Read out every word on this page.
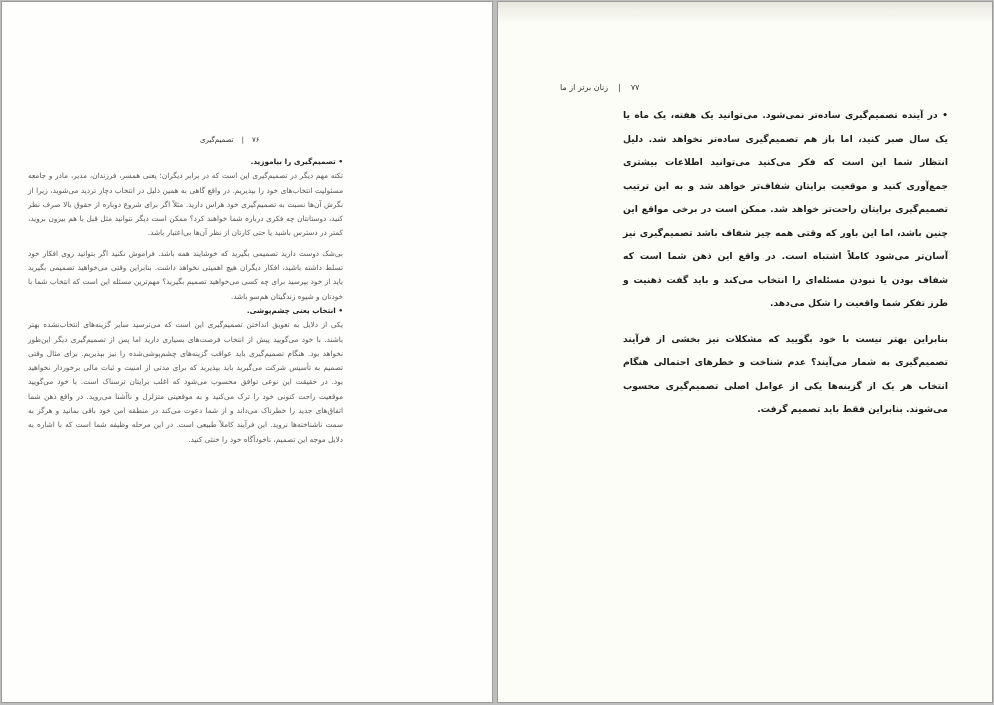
۷۶
|
تصمیم‌گیری
• تصمیم‌گیری را بیاموزید.
تکته مهم دیگر در تصمیم‌گیری این است که در برابر دیگران؛ یعنی همسر، فرزندان، مدیر، مادر و جامعه مسئولیت انتخاب‌های خود را بپذیریم. در واقع گاهی به همین دلیل در انتخاب دچار تردید می‌شوید، زیرا از نگرش آن‌ها نسبت به تصمیم‌گیری خود هراس دارید. مثلاً اگر برای شروع دوباره از حقوق بالا صرف نظر کنید، دوستانتان چه فکری درباره شما خواهند کرد؟ ممکن است دیگر نتوانید مثل قبل با هم بیرون بروید، کمتر در دسترس باشید یا حتی کارتان از نظر آن‌ها بی‌اعتبار باشد.
بی‌شک دوست دارید تصمیمی بگیرید که خوشایند همه باشد. فراموش نکنید اگر بتوانید روی افکار خود تسلط داشته باشید، افکار دیگران هیچ اهمیتی نخواهد داشت. بنابراین وقتی می‌خواهید تصمیمی بگیرید باید از خود بپرسید برای چه کسی می‌خواهید تصمیم بگیرید؟ مهم‌ترین مسئله این است که انتخاب شما با خودتان و شیوه زندگیتان هم‌سو باشد.
• انتخاب یعنی چشم‌پوشی.
یکی از دلایل به تعویق انداختن تصمیم‌گیری این است که می‌ترسید سایر گزینه‌های انتخاب‌نشده بهتر باشند. با خود می‌گویید پیش از انتخاب فرصت‌های بسیاری دارید اما پس از تصمیم‌گیری دیگر این‌طور نخواهد بود. هنگام تصمیم‌گیری باید عواقب گزینه‌های چشم‌پوشی‌شده را نیز بپذیریم. برای مثال وقتی تصمیم به تأسیس شرکت می‌گیرید باید بپذیرید که برای مدتی از امنیت و ثبات مالی برخوردار نخواهید بود. در حقیقت این نوعی توافق محسوب می‌شود که اغلب برایتان ترسناک است. با خود می‌گویید موقعیت راحت کنونی خود را ترک می‌کنید و به موقعیتی متزلزل و ناآشنا می‌روید. در واقع ذهن شما اتفاق‌های جدید را خطرناک می‌داند و از شما دعوت می‌کند در منطقه امن خود باقی بمانید و هرگز به سمت ناشناخته‌ها نروید. این فرآیند کاملاً طبیعی است. در این مرحله وظیفه شما است که با اشاره به دلایل موجه این تصمیم، ناخودآگاه خود را خنثی کنید.
۷۷
|
زنان برتر از ما
• در آینده تصمیم‌گیری ساده‌تر نمی‌شود. می‌توانید یک هفته، یک ماه یا یک سال صبر کنید، اما باز هم تصمیم‌گیری ساده‌تر نخواهد شد. دلیل انتظار شما این است که فکر می‌کنید می‌توانید اطلاعات بیشتری جمع‌آوری کنید و موقعیت برایتان شفاف‌تر خواهد شد و به این ترتیب تصمیم‌گیری برایتان راحت‌تر خواهد شد. ممکن است در برخی مواقع این چنین باشد، اما این باور که وقتی همه چیز شفاف باشد تصمیم‌گیری نیز آسان‌تر می‌شود کاملاً اشتباه است. در واقع این ذهن شما است که شفاف بودن یا نبودن مسئله‌ای را انتخاب می‌کند و باید گفت ذهنیت و طرز تفکر شما واقعیت را شکل می‌دهد.
بنابراین بهتر نیست با خود بگویید که مشکلات نیز بخشی از فرآیند تصمیم‌گیری به شمار می‌آیند؟ عدم شناخت و خطرهای احتمالی هنگام انتخاب هر یک از گزینه‌ها یکی از عوامل اصلی تصمیم‌گیری محسوب می‌شوند. بنابراین فقط باید تصمیم گرفت.
